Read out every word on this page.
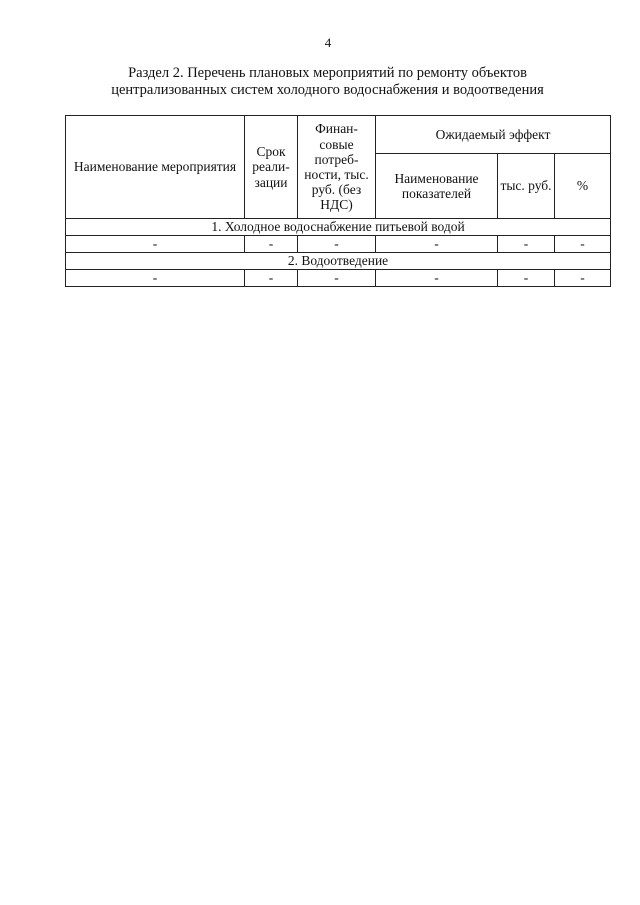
4
Раздел 2. Перечень плановых мероприятий по ремонту объектов
централизованных систем холодного водоснабжения и водоотведения
Наименование мероприятия	Срок реали-зации	Финан-совые потреб-ности, тыс. руб. (без НДС)	Ожидаемый эффект		
			Наименование показателей	тыс. руб.	%
1. Холодное водоснабжение питьевой водой					
-	-	-	-	-	-
2. Водоотведение					
-	-	-	-	-	-
